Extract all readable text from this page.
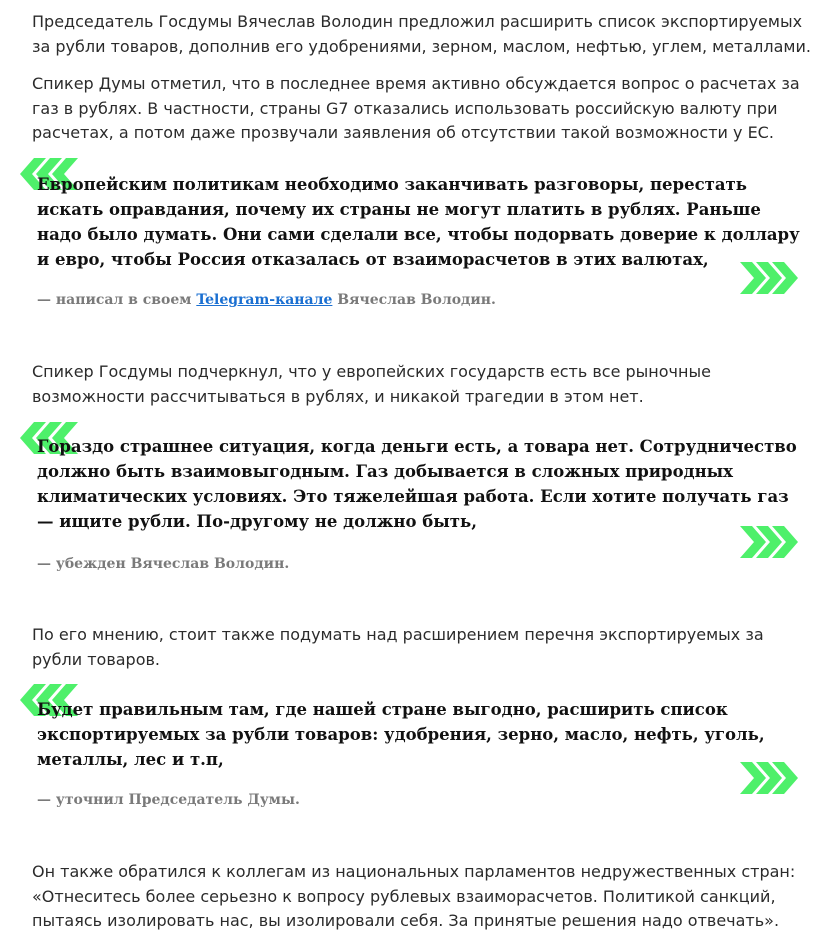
Председатель Госдумы Вячеслав Володин предложил расширить список экспортируемых за рубли товаров, дополнив его удобрениями, зерном, маслом, нефтью, углем, металлами.

Спикер Думы отметил, что в последнее время активно обсуждается вопрос о расчетах за газ в рублях. В частности, страны G7 отказались использовать российскую валюту при расчетах, а потом даже прозвучали заявления об отсутствии такой возможности у ЕС.

Европейским политикам необходимо заканчивать разговоры, перестать искать оправдания, почему их страны не могут платить в рублях. Раньше надо было думать. Они сами сделали все, чтобы подорвать доверие к доллару и евро, чтобы Россия отказалась от взаиморасчетов в этих валютах,

— написал в своем Telegram-канале Вячеслав Володин.

Спикер Госдумы подчеркнул, что у европейских государств есть все рыночные возможности рассчитываться в рублях, и никакой трагедии в этом нет.

Гораздо страшнее ситуация, когда деньги есть, а товара нет. Сотрудничество должно быть взаимовыгодным. Газ добывается в сложных природных климатических условиях. Это тяжелейшая работа. Если хотите получать газ — ищите рубли. По-другому не должно быть,

— убежден Вячеслав Володин.

По его мнению, стоит также подумать над расширением перечня экспортируемых за рубли товаров.

Будет правильным там, где нашей стране выгодно, расширить список экспортируемых за рубли товаров: удобрения, зерно, масло, нефть, уголь, металлы, лес и т.п,

— уточнил Председатель Думы.

Он также обратился к коллегам из национальных парламентов недружественных стран: «Отнеситесь более серьезно к вопросу рублевых взаиморасчетов. Политикой санкций, пытаясь изолировать нас, вы изолировали себя. За принятые решения надо отвечать».
